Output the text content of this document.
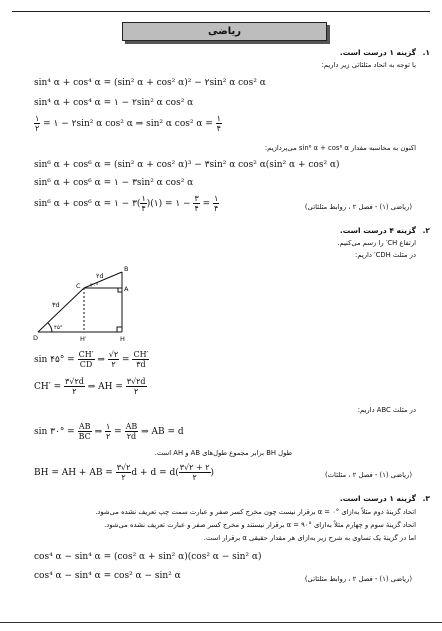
ریاضی
۱.
گزینه ۱ درست است.
با توجه به اتحاد مثلثاتی زیر داریم:
sin⁴ α + cos⁴ α = (sin² α + cos² α)² − ۲sin² α cos² α
sin⁴ α + cos⁴ α = ۱ − ۲sin² α cos² α
$\frac{۱}{۲}$ = ۱ − ۲sin² α cos² α ⇒ sin² α cos² $\alpha = \frac{۱}{۴}$
اکنون به محاسبه مقدار sin⁶ α + cos⁶ α می‌پردازیم:
sin⁶ α + cos⁶ α = (sin² α + cos² α)³ − ۳sin² α cos² α(sin² α + cos² α)
sin⁶ α + cos⁶ α = ۱ − ۳sin² α cos² α
sin⁶ α + cos⁶ α = ۱ − ۳( $\frac{۱}{۴}$ )(۱) = ۱ − $\frac{۳}{۴} = \frac{۱}{۴}$	(ریاضی (۱) - فصل ۲ ، روابط مثلثاتی)
۲.
گزینه ۴ درست است.
ارتفاع CH′ را رسم می‌کنیم.
در مثلث CDH′ داریم:
B
A
C
D	H′	H
۲d
۳d
۳۰°
۴۵°
sin ۴۵° = $\frac{CH'}{CD}$ ⇒ $\frac{√۲}{۲} = \frac{CH'}{۳d}$
$CH' = \frac{۳√۲d}{۲}$ ⇒ AH = $\frac{۳√۲d}{۲}$
در مثلث ABC داریم:
sin ۳۰° = $\frac{AB}{BC}$ ⇒ $\frac{۱}{۲} = \frac{AB}{۲d}$ ⇒ AB = d
طول BH برابر مجموع طول‌های AB و AH است.
BH = AH + AB = $\frac{۳√۲}{۲}$ $d + d = d( \frac{۳√۲ + ۲}{۲}$ )	(ریاضی (۱) - فصل ۲ ، مثلثات)
۳.
گزینه ۱ درست است.
اتحاد گزینهٔ دوم مثلاً به‌ازای α = ۰° برقرار نیست چون مخرج کسر صفر و عبارت سمت چپ تعریف نشده می‌شود.
اتحاد گزینهٔ سوم و چهارم مثلاً به‌ازای α = ۹۰° برقرار نیستند و مخرج کسر صفر و عبارت تعریف نشده می‌شود.
اما در گزینهٔ یک تساوی به شرح زیر به‌ازای هر مقدار حقیقی α برقرار است.
cos⁴ α − sin⁴ α = (cos² α + sin² α)(cos² α − sin² α)
cos⁴ α − sin⁴ α = cos² α − sin² α	(ریاضی (۱) - فصل ۲ ، روابط مثلثاتی)
